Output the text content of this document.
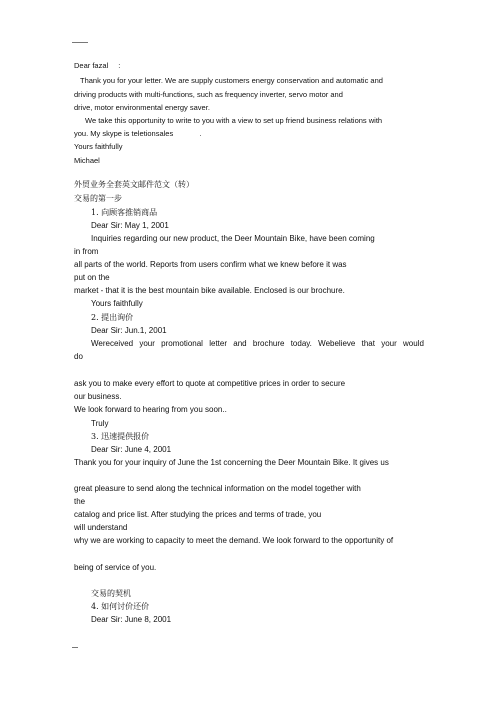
Dear fazal :
Thank you for your letter. We are supply customers energy conservation and automatic and
driving products with multi-functions, such as frequency inverter, servo motor and
drive, motor environmental energy saver.
We take this opportunity to write to you with a view to set up friend business relations with
you. My skype is teletionsales	.
Yours faithfully
Michael
外贸业务全套英文邮件范文（转）
交易的第一步
1. 向顾客推销商品
Dear Sir: May 1, 2001
Inquiries regarding our new product, the Deer Mountain Bike, have been coming
in from
all parts of the world. Reports from users confirm what we knew before it was
put on the
market - that it is the best mountain bike available. Enclosed is our brochure.
Yours faithfully
2. 提出询价
Dear Sir: Jun.1, 2001
Wereceived your promotional letter and brochure today. Webelieve that your would
do
ask you to make every effort to quote at competitive prices in order to secure
our business.
We look forward to hearing from you soon..
Truly
3. 迅速提供报价
Dear Sir: June 4, 2001
Thank you for your inquiry of June the 1st concerning the Deer Mountain Bike. It gives us
great pleasure to send along the technical information on the model together with
the
catalog and price list. After studying the prices and terms of trade, you
will understand
why we are working to capacity to meet the demand. We look forward to the opportunity of
being of service of you.
交易的契机
4. 如何讨价还价
Dear Sir: June 8, 2001
